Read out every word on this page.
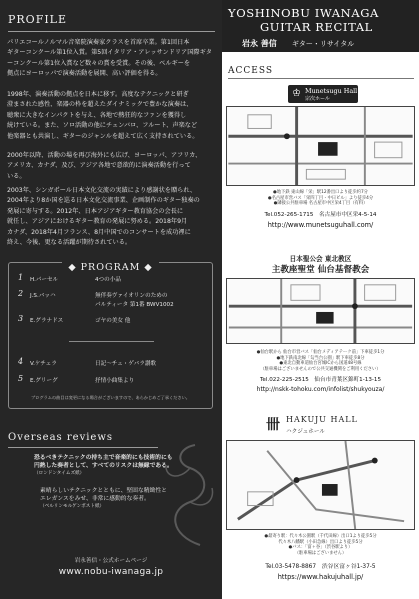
PROFILE
パリエコールノルマル音楽院演奏家クラスを首席卒業。第1回日本
ギターコンクール第1位入賞。第5回イタリア・アレッサンドリア国際ギタ
ーコンクール第1位入賞など数々の賞を受賞。その後、ベルギーを
拠点にヨーロッパで演奏活動を展開、高い評価を得る。
1998年、演奏活動の拠点を日本に移す。高度なテクニックと研ぎ
澄まされた感性、楽器の枠を超えたダイナミックで豊かな演奏は、
聴衆に大きなインパクトを与え、各地で熱狂的なファンを獲得し
続けている。また、ソロ活動の他にチェンバロ、フルート、声楽など
他楽器とも共演し、ギターのジャンルを超えて広く支持されている。
2000年以降、活動の場を再び海外にも広げ、ヨーロッパ、アフリカ、
アメリカ、カナダ、及び、アジア各地で意欲的に演奏活動を行って
いる。
2003年、シンガポール日本文化交流の実績により感謝状を贈られ、
2004年より8か国を巡る日本文化交流事業、企画制作のギター独奏の
発展に寄与する。2012年、日本アジアギター教育協会の会長に
就任し、アジアにおけるギター教育の発展に努める。2018年9月
カナダ、2018年4月フランス、8月中国でのコンサートを成功裡に
終え、今後、更なる活躍が期待されている。
◆ PROGRAM ◆
1 H.パーセル	4つの小品
2 J.S.バッハ	無伴奏ヴァイオリンのための
パルティータ 第1番 BWV1002
3 E.グラナドス	ゴヤの美女 他
4 V.ケチェラ	日記〜チェ・ゲバラ讃歌
5 E.グリーグ	抒情小曲集より
プログラムの曲目は変更になる場合がございますので、あらかじめご了承ください。
Overseas reviews
恐るべきテクニックの持ち主で音楽的にも技術的にも
円熟した奏者として、すべてのリスクは無縁である。
（ロンドンタイムズ紙）
素晴らしいテクニックとともに、堅固な精緻性と
エレガンスをみせ、非常に感動的な奏者。
（ベルリンモルゲンポスト紙）
岩永善信・公式ホームページ
www.nobu-iwanaga.jp
YOSHINOBU IWANAGA
GUITAR RECITAL
岩永 善信 ギター・リサイタル
ACCESS
♔ Munetsugu Hall
宗次ホール
●地下鉄 東山線「栄」駅12番出口より徒歩約7分
●名古屋市営バス「栄四丁目・中日ビル」より徒歩4分
●隣接公共駐車場 名古屋市中区栄4丁目（有料）
Tel.052-265-1715　名古屋市中区栄4-5-14
http://www.munetsuguhall.com/
日本聖公会 東北教区
主教座聖堂 仙台基督教会
●仙台駅から 仙台市営バス「仙台メディアテーク前」下車徒歩1分
●地下鉄南北線「勾当台公園」駅下車徒歩8分
●東北自動車道仙台宮城ICから国道48号線
（駐車場はございませんので公共交通機関をご利用ください）
Tel.022-225-2515　仙台市青葉区錦町1-13-15
http://nskk-tohoku.com/infolist/shukyouza/
卌 HAKUJU HALL
ハクジュホール
●最寄り駅：代々木公園駅（千代田線）出口1より徒歩5分
代々木八幡駅（小田急線）出口より徒歩5分
●バス：「富ヶ谷」（渋谷駅より）
（駐車場はございません）
Tel.03-5478-8867　渋谷区富ヶ谷1-37-5
https://www.hakujuhall.jp/
